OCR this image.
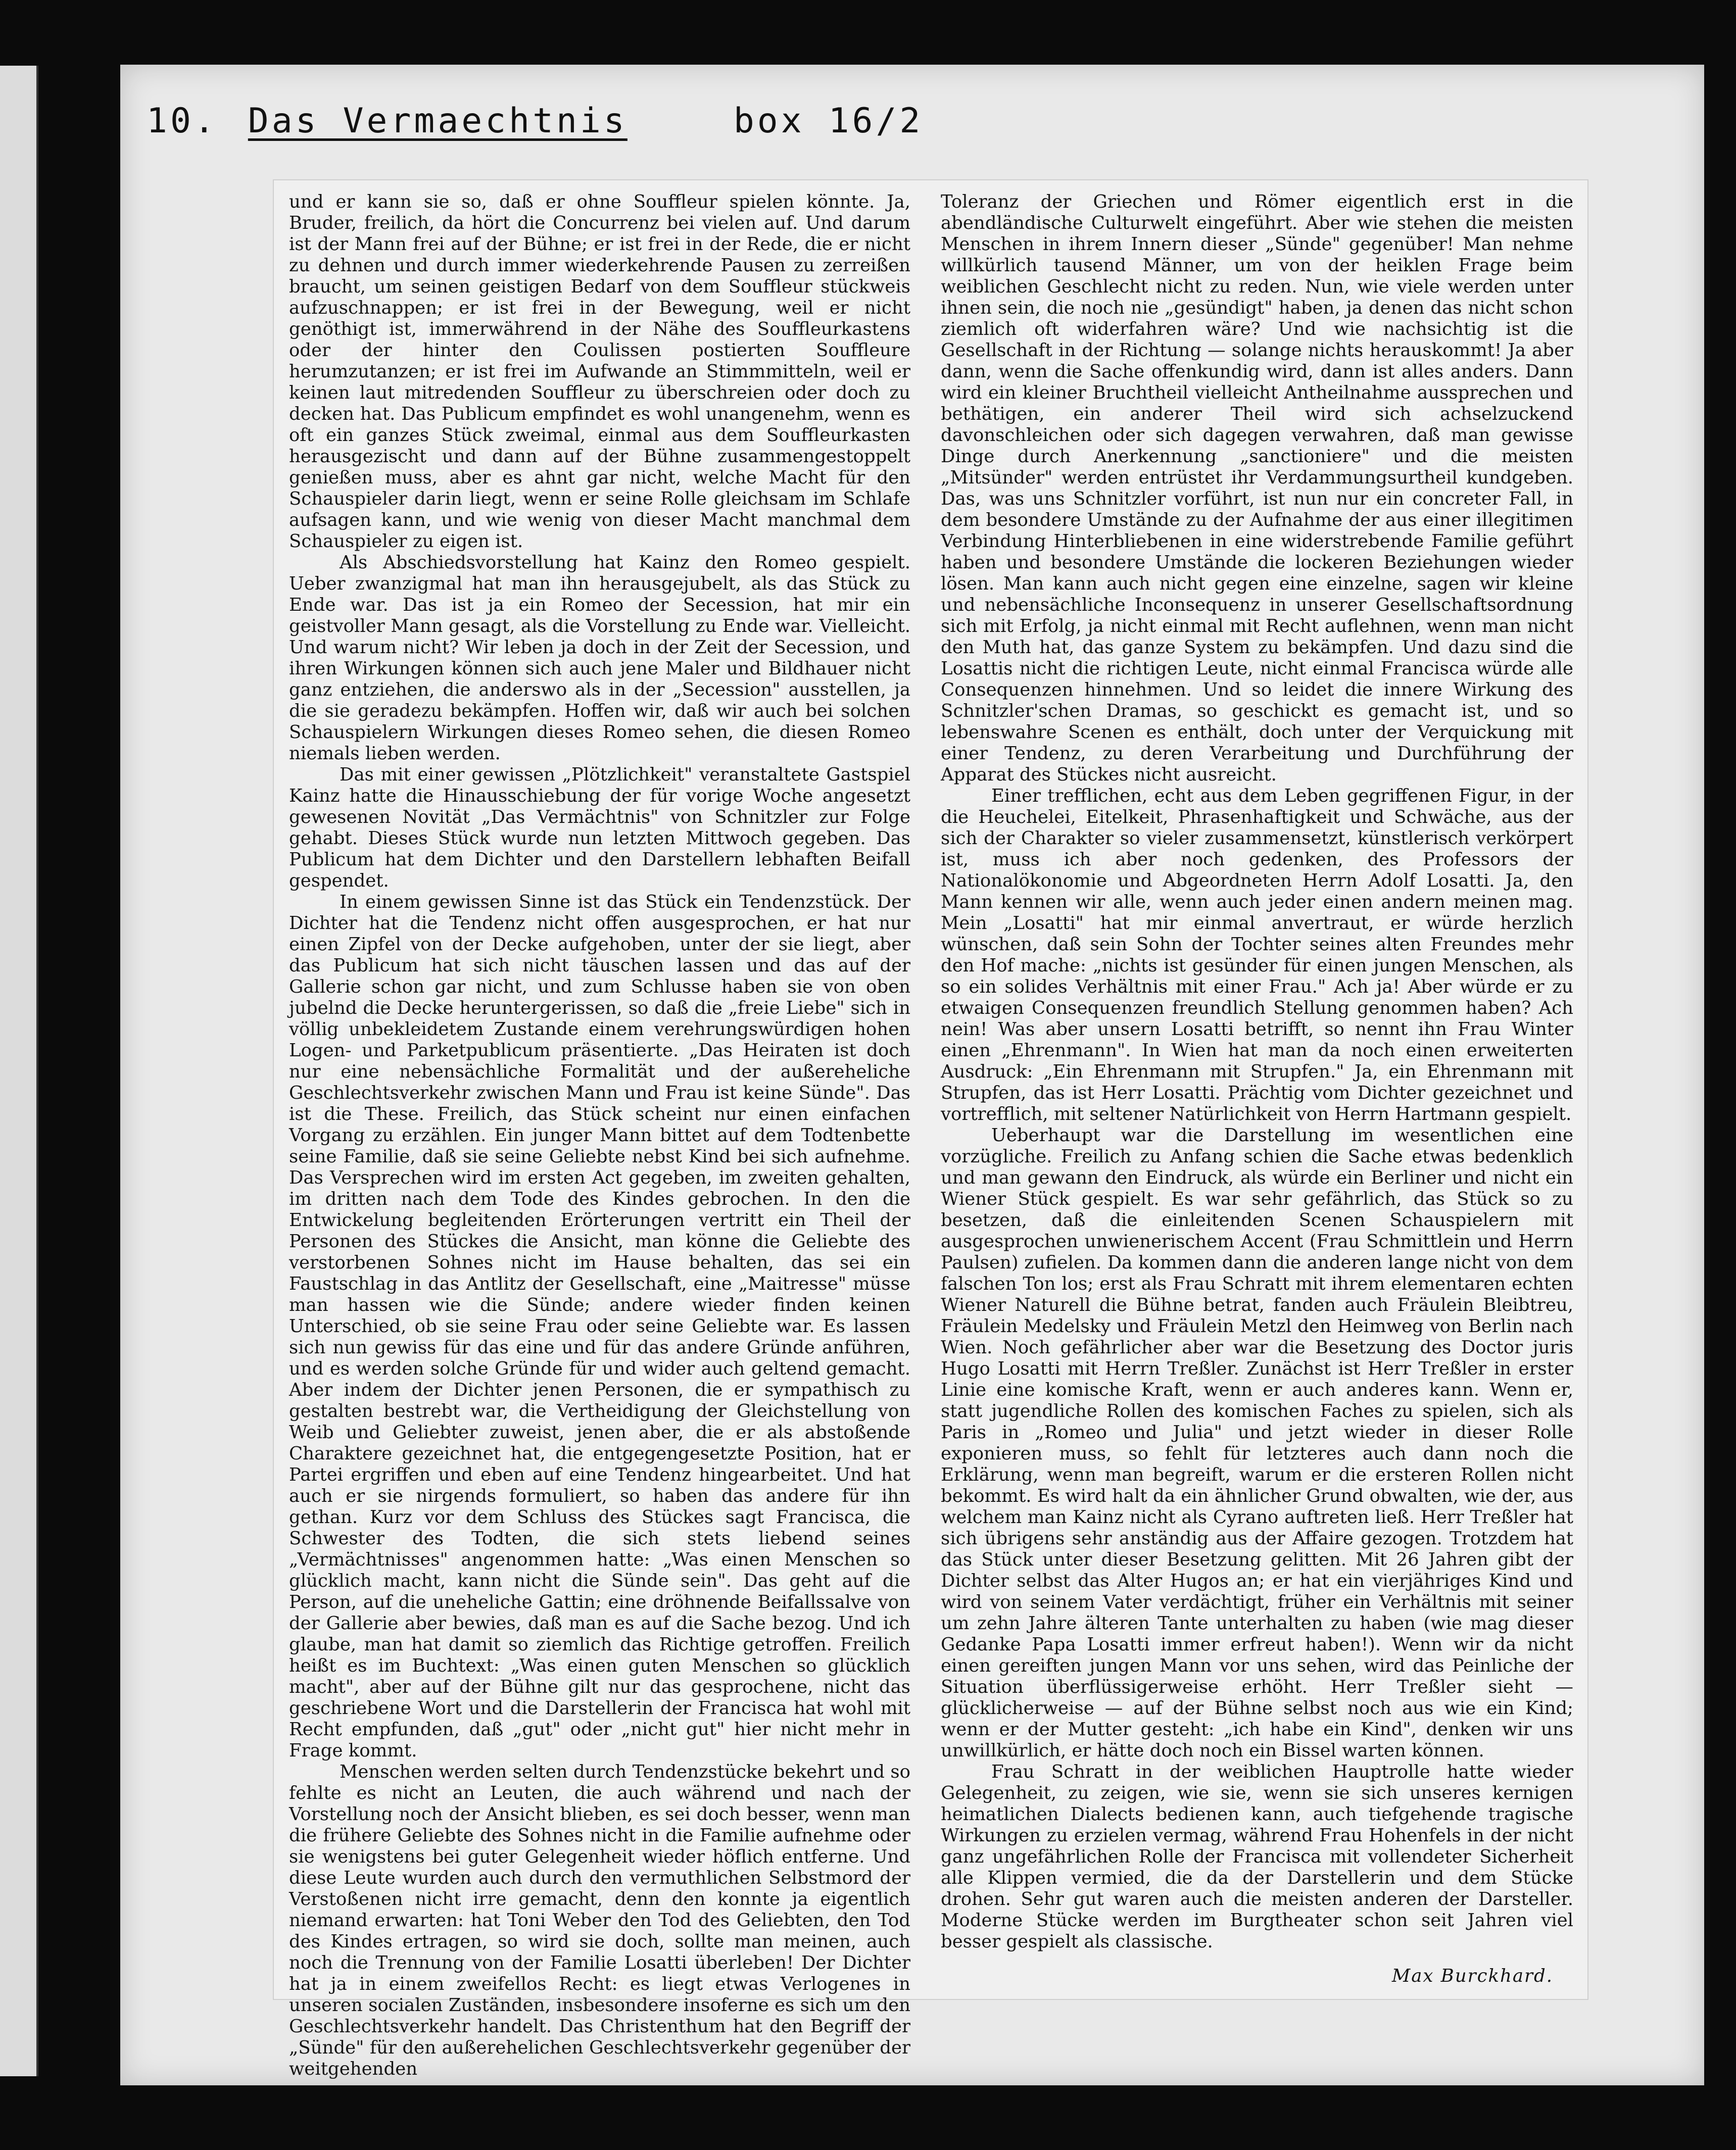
10. Das Vermaechtnis	box 16/2

und er kann sie so, daß er ohne Souffleur spielen könnte. Ja, Bruder, freilich, da hört die Concurrenz bei vielen auf. Und darum ist der Mann frei auf der Bühne; er ist frei in der Rede, die er nicht zu dehnen und durch immer wiederkehrende Pausen zu zerreißen braucht, um seinen geistigen Bedarf von dem Souffleur stückweis aufzuschnappen; er ist frei in der Bewegung, weil er nicht genöthigt ist, immerwährend in der Nähe des Souffleurkastens oder der hinter den Coulissen postierten Souffleure herumzutanzen; er ist frei im Aufwande an Stimmmitteln, weil er keinen laut mitredenden Souffleur zu überschreien oder doch zu decken hat. Das Publicum empfindet es wohl unangenehm, wenn es oft ein ganzes Stück zweimal, einmal aus dem Souffleurkasten herausgezischt und dann auf der Bühne zusammengestoppelt genießen muss, aber es ahnt gar nicht, welche Macht für den Schauspieler darin liegt, wenn er seine Rolle gleichsam im Schlafe aufsagen kann, und wie wenig von dieser Macht manchmal dem Schauspieler zu eigen ist.

Als Abschiedsvorstellung hat Kainz den Romeo gespielt. Ueber zwanzigmal hat man ihn herausgejubelt, als das Stück zu Ende war. Das ist ja ein Romeo der Secession, hat mir ein geistvoller Mann gesagt, als die Vorstellung zu Ende war. Vielleicht. Und warum nicht? Wir leben ja doch in der Zeit der Secession, und ihren Wirkungen können sich auch jene Maler und Bildhauer nicht ganz entziehen, die anderswo als in der „Secession" ausstellen, ja die sie geradezu bekämpfen. Hoffen wir, daß wir auch bei solchen Schauspielern Wirkungen dieses Romeo sehen, die diesen Romeo niemals lieben werden.

Das mit einer gewissen „Plötzlichkeit" veranstaltete Gastspiel Kainz hatte die Hinausschiebung der für vorige Woche angesetzt gewesenen Novität „Das Vermächtnis" von Schnitzler zur Folge gehabt. Dieses Stück wurde nun letzten Mittwoch gegeben. Das Publicum hat dem Dichter und den Darstellern lebhaften Beifall gespendet.

In einem gewissen Sinne ist das Stück ein Tendenzstück. Der Dichter hat die Tendenz nicht offen ausgesprochen, er hat nur einen Zipfel von der Decke aufgehoben, unter der sie liegt, aber das Publicum hat sich nicht täuschen lassen und das auf der Gallerie schon gar nicht, und zum Schlusse haben sie von oben jubelnd die Decke heruntergerissen, so daß die „freie Liebe" sich in völlig unbekleidetem Zustande einem verehrungswürdigen hohen Logen- und Parketpublicum präsentierte. „Das Heiraten ist doch nur eine nebensächliche Formalität und der außereheliche Geschlechtsverkehr zwischen Mann und Frau ist keine Sünde". Das ist die These. Freilich, das Stück scheint nur einen einfachen Vorgang zu erzählen. Ein junger Mann bittet auf dem Todtenbette seine Familie, daß sie seine Geliebte nebst Kind bei sich aufnehme. Das Versprechen wird im ersten Act gegeben, im zweiten gehalten, im dritten nach dem Tode des Kindes gebrochen. In den die Entwickelung begleitenden Erörterungen vertritt ein Theil der Personen des Stückes die Ansicht, man könne die Geliebte des verstorbenen Sohnes nicht im Hause behalten, das sei ein Faustschlag in das Antlitz der Gesellschaft, eine „Maitresse" müsse man hassen wie die Sünde; andere wieder finden keinen Unterschied, ob sie seine Frau oder seine Geliebte war. Es lassen sich nun gewiss für das eine und für das andere Gründe anführen, und es werden solche Gründe für und wider auch geltend gemacht. Aber indem der Dichter jenen Personen, die er sympathisch zu gestalten bestrebt war, die Vertheidigung der Gleichstellung von Weib und Geliebter zuweist, jenen aber, die er als abstoßende Charaktere gezeichnet hat, die entgegengesetzte Position, hat er Partei ergriffen und eben auf eine Tendenz hingearbeitet. Und hat auch er sie nirgends formuliert, so haben das andere für ihn gethan. Kurz vor dem Schluss des Stückes sagt Francisca, die Schwester des Todten, die sich stets liebend seines „Vermächtnisses" angenommen hatte: „Was einen Menschen so glücklich macht, kann nicht die Sünde sein". Das geht auf die Person, auf die uneheliche Gattin; eine dröhnende Beifallssalve von der Gallerie aber bewies, daß man es auf die Sache bezog. Und ich glaube, man hat damit so ziemlich das Richtige getroffen. Freilich heißt es im Buchtext: „Was einen guten Menschen so glücklich macht", aber auf der Bühne gilt nur das gesprochene, nicht das geschriebene Wort und die Darstellerin der Francisca hat wohl mit Recht empfunden, daß „gut" oder „nicht gut" hier nicht mehr in Frage kommt.

Menschen werden selten durch Tendenzstücke bekehrt und so fehlte es nicht an Leuten, die auch während und nach der Vorstellung noch der Ansicht blieben, es sei doch besser, wenn man die frühere Geliebte des Sohnes nicht in die Familie aufnehme oder sie wenigstens bei guter Gelegenheit wieder höflich entferne. Und diese Leute wurden auch durch den vermuthlichen Selbstmord der Verstoßenen nicht irre gemacht, denn den konnte ja eigentlich niemand erwarten: hat Toni Weber den Tod des Geliebten, den Tod des Kindes ertragen, so wird sie doch, sollte man meinen, auch noch die Trennung von der Familie Losatti überleben! Der Dichter hat ja in einem zweifellos Recht: es liegt etwas Verlogenes in unseren socialen Zuständen, insbesondere insoferne es sich um den Geschlechtsverkehr handelt. Das Christenthum hat den Begriff der „Sünde" für den außerehelichen Geschlechtsverkehr gegenüber der weitgehenden

Toleranz der Griechen und Römer eigentlich erst in die abendländische Culturwelt eingeführt. Aber wie stehen die meisten Menschen in ihrem Innern dieser „Sünde" gegenüber! Man nehme willkürlich tausend Männer, um von der heiklen Frage beim weiblichen Geschlecht nicht zu reden. Nun, wie viele werden unter ihnen sein, die noch nie „gesündigt" haben, ja denen das nicht schon ziemlich oft widerfahren wäre? Und wie nachsichtig ist die Gesellschaft in der Richtung — solange nichts herauskommt! Ja aber dann, wenn die Sache offenkundig wird, dann ist alles anders. Dann wird ein kleiner Bruchtheil vielleicht Antheilnahme aussprechen und bethätigen, ein anderer Theil wird sich achselzuckend davonschleichen oder sich dagegen verwahren, daß man gewisse Dinge durch Anerkennung „sanctioniere" und die meisten „Mitsünder" werden entrüstet ihr Verdammungsurtheil kundgeben. Das, was uns Schnitzler vorführt, ist nun nur ein concreter Fall, in dem besondere Umstände zu der Aufnahme der aus einer illegitimen Verbindung Hinterbliebenen in eine widerstrebende Familie geführt haben und besondere Umstände die lockeren Beziehungen wieder lösen. Man kann auch nicht gegen eine einzelne, sagen wir kleine und nebensächliche Inconsequenz in unserer Gesellschaftsordnung sich mit Erfolg, ja nicht einmal mit Recht auflehnen, wenn man nicht den Muth hat, das ganze System zu bekämpfen. Und dazu sind die Losattis nicht die richtigen Leute, nicht einmal Francisca würde alle Consequenzen hinnehmen. Und so leidet die innere Wirkung des Schnitzler'schen Dramas, so geschickt es gemacht ist, und so lebenswahre Scenen es enthält, doch unter der Verquickung mit einer Tendenz, zu deren Verarbeitung und Durchführung der Apparat des Stückes nicht ausreicht.

Einer trefflichen, echt aus dem Leben gegriffenen Figur, in der die Heuchelei, Eitelkeit, Phrasenhaftigkeit und Schwäche, aus der sich der Charakter so vieler zusammensetzt, künstlerisch verkörpert ist, muss ich aber noch gedenken, des Professors der Nationalökonomie und Abgeordneten Herrn Adolf Losatti. Ja, den Mann kennen wir alle, wenn auch jeder einen andern meinen mag. Mein „Losatti" hat mir einmal anvertraut, er würde herzlich wünschen, daß sein Sohn der Tochter seines alten Freundes mehr den Hof mache: „nichts ist gesünder für einen jungen Menschen, als so ein solides Verhältnis mit einer Frau." Ach ja! Aber würde er zu etwaigen Consequenzen freundlich Stellung genommen haben? Ach nein! Was aber unsern Losatti betrifft, so nennt ihn Frau Winter einen „Ehrenmann". In Wien hat man da noch einen erweiterten Ausdruck: „Ein Ehrenmann mit Strupfen." Ja, ein Ehrenmann mit Strupfen, das ist Herr Losatti. Prächtig vom Dichter gezeichnet und vortrefflich, mit seltener Natürlichkeit von Herrn Hartmann gespielt.

Ueberhaupt war die Darstellung im wesentlichen eine vorzügliche. Freilich zu Anfang schien die Sache etwas bedenklich und man gewann den Eindruck, als würde ein Berliner und nicht ein Wiener Stück gespielt. Es war sehr gefährlich, das Stück so zu besetzen, daß die einleitenden Scenen Schauspielern mit ausgesprochen unwienerischem Accent (Frau Schmittlein und Herrn Paulsen) zufielen. Da kommen dann die anderen lange nicht von dem falschen Ton los; erst als Frau Schratt mit ihrem elementaren echten Wiener Naturell die Bühne betrat, fanden auch Fräulein Bleibtreu, Fräulein Medelsky und Fräulein Metzl den Heimweg von Berlin nach Wien. Noch gefährlicher aber war die Besetzung des Doctor juris Hugo Losatti mit Herrn Treßler. Zunächst ist Herr Treßler in erster Linie eine komische Kraft, wenn er auch anderes kann. Wenn er, statt jugendliche Rollen des komischen Faches zu spielen, sich als Paris in „Romeo und Julia" und jetzt wieder in dieser Rolle exponieren muss, so fehlt für letzteres auch dann noch die Erklärung, wenn man begreift, warum er die ersteren Rollen nicht bekommt. Es wird halt da ein ähnlicher Grund obwalten, wie der, aus welchem man Kainz nicht als Cyrano auftreten ließ. Herr Treßler hat sich übrigens sehr anständig aus der Affaire gezogen. Trotzdem hat das Stück unter dieser Besetzung gelitten. Mit 26 Jahren gibt der Dichter selbst das Alter Hugos an; er hat ein vierjähriges Kind und wird von seinem Vater verdächtigt, früher ein Verhältnis mit seiner um zehn Jahre älteren Tante unterhalten zu haben (wie mag dieser Gedanke Papa Losatti immer erfreut haben!). Wenn wir da nicht einen gereiften jungen Mann vor uns sehen, wird das Peinliche der Situation überflüssigerweise erhöht. Herr Treßler sieht — glücklicherweise — auf der Bühne selbst noch aus wie ein Kind; wenn er der Mutter gesteht: „ich habe ein Kind", denken wir uns unwillkürlich, er hätte doch noch ein Bissel warten können.

Frau Schratt in der weiblichen Hauptrolle hatte wieder Gelegenheit, zu zeigen, wie sie, wenn sie sich unseres kernigen heimatlichen Dialects bedienen kann, auch tiefgehende tragische Wirkungen zu erzielen vermag, während Frau Hohenfels in der nicht ganz ungefährlichen Rolle der Francisca mit vollendeter Sicherheit alle Klippen vermied, die da der Darstellerin und dem Stücke drohen. Sehr gut waren auch die meisten anderen der Darsteller. Moderne Stücke werden im Burgtheater schon seit Jahren viel besser gespielt als classische.

Max Burckhard.
